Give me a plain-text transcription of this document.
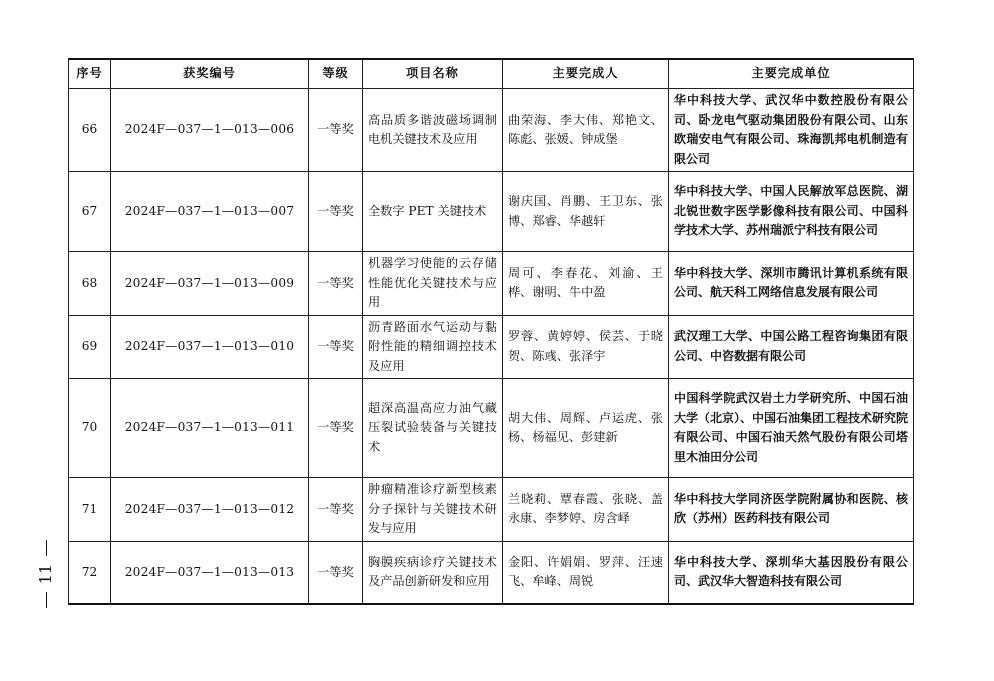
序号	获奖编号	等级	项目名称	主要完成人	主要完成单位
66	2024F—037—1—013—006	一等奖	高品质多谐波磁场调制电机关键技术及应用	曲荣海、李大伟、郑艳文、陈彪、张媛、钟成堡	华中科技大学、武汉华中数控股份有限公司、卧龙电气驱动集团股份有限公司、山东欧瑞安电气有限公司、珠海凯邦电机制造有限公司
67	2024F—037—1—013—007	一等奖	全数字 PET 关键技术	谢庆国、肖鹏、王卫东、张博、郑睿、华越轩	华中科技大学、中国人民解放军总医院、湖北锐世数字医学影像科技有限公司、中国科学技术大学、苏州瑞派宁科技有限公司
68	2024F—037—1—013—009	一等奖	机器学习使能的云存储性能优化关键技术与应用	周可、李春花、刘渝、王桦、谢明、牛中盈	华中科技大学、深圳市腾讯计算机系统有限公司、航天科工网络信息发展有限公司
69	2024F—037—1—013—010	一等奖	沥青路面水气运动与黏附性能的精细调控技术及应用	罗蓉、黄婷婷、侯芸、于晓贺、陈彧、张泽宇	武汉理工大学、中国公路工程咨询集团有限公司、中咨数据有限公司
70	2024F—037—1—013—011	一等奖	超深高温高应力油气藏压裂试验装备与关键技术	胡大伟、周辉、卢运虎、张杨、杨福见、彭建新	中国科学院武汉岩土力学研究所、中国石油大学（北京）、中国石油集团工程技术研究院有限公司、中国石油天然气股份有限公司塔里木油田分公司
71	2024F—037—1—013—012	一等奖	肿瘤精准诊疗新型核素分子探针与关键技术研发与应用	兰晓莉、覃春霞、张晓、盖永康、李梦婷、房含峄	华中科技大学同济医学院附属协和医院、核欣（苏州）医药科技有限公司
72	2024F—037—1—013—013	一等奖	胸膜疾病诊疗关键技术及产品创新研发和应用	金阳、许娟娟、罗萍、汪速飞、牟峰、周锐	华中科技大学、深圳华大基因股份有限公司、武汉华大智造科技有限公司
11
